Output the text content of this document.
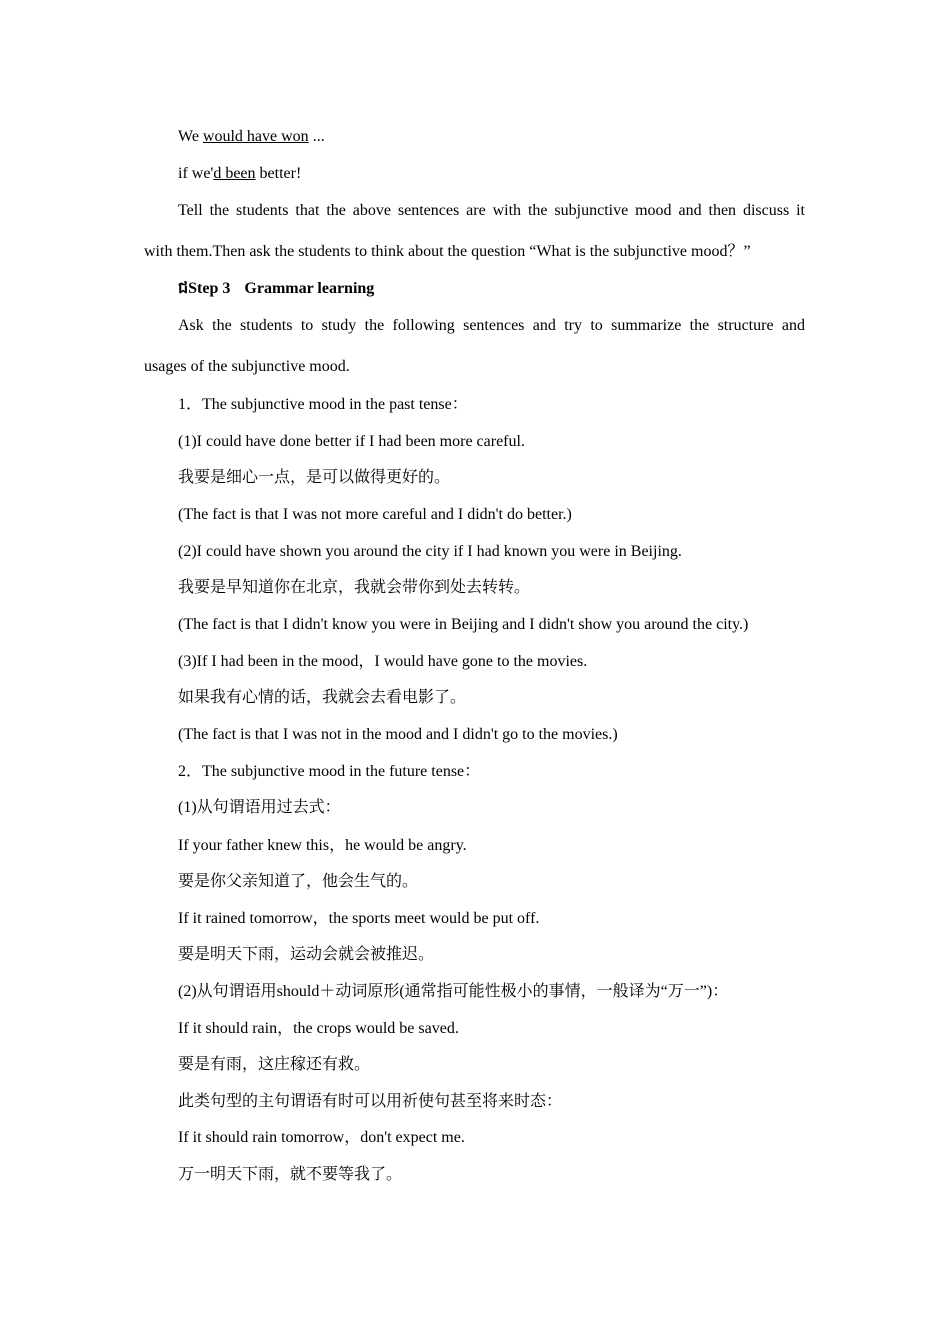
We would have won ...
if we'd been better!
Tell the students that the above sentences are with the subjunctive mood and then discuss it
with them.Then ask the students to think about the question “What is the subjunctive mood？”
ជStep 3 Grammar learning
Ask the students to study the following sentences and try to summarize the structure and
usages of the subjunctive mood.
1．The subjunctive mood in the past tense：
(1)I could have done better if I had been more careful.
我要是细心一点，是可以做得更好的。
(The fact is that I was not more careful and I didn't do better.)
(2)I could have shown you around the city if I had known you were in Beijing.
我要是早知道你在北京，我就会带你到处去转转。
(The fact is that I didn't know you were in Beijing and I didn't show you around the city.)
(3)If I had been in the mood，I would have gone to the movies.
如果我有心情的话，我就会去看电影了。
(The fact is that I was not in the mood and I didn't go to the movies.)
2．The subjunctive mood in the future tense：
(1)从句谓语用过去式：
If your father knew this，he would be angry.
要是你父亲知道了，他会生气的。
If it rained tomorrow，the sports meet would be put off.
要是明天下雨，运动会就会被推迟。
(2)从句谓语用should＋动词原形(通常指可能性极小的事情，一般译为“万一”)：
If it should rain，the crops would be saved.
要是有雨，这庄稼还有救。
此类句型的主句谓语有时可以用祈使句甚至将来时态：
If it should rain tomorrow，don't expect me.
万一明天下雨，就不要等我了。
